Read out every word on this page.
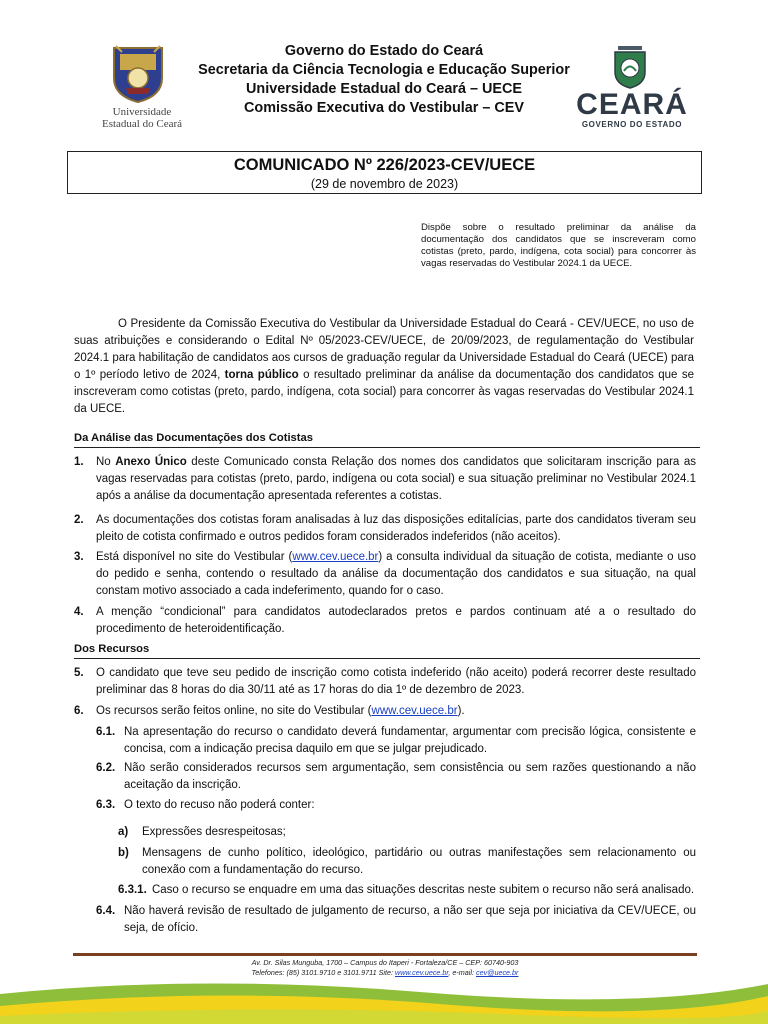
Universidade
Estadual do Ceará
Governo do Estado do Ceará
Secretaria da Ciência Tecnologia e Educação Superior
Universidade Estadual do Ceará – UECE
Comissão Executiva do Vestibular – CEV	CEARÁ
GOVERNO DO ESTADO
COMUNICADO Nº 226/2023-CEV/UECE
(29 de novembro de 2023)
Dispõe sobre o resultado preliminar da análise da documentação dos candidatos que se inscreveram como cotistas (preto, pardo, indígena, cota social) para concorrer às vagas reservadas do Vestibular 2024.1 da UECE.
O Presidente da Comissão Executiva do Vestibular da Universidade Estadual do Ceará - CEV/UECE, no uso de suas atribuições e considerando o Edital Nº 05/2023-CEV/UECE, de 20/09/2023, de regulamentação do Vestibular 2024.1 para habilitação de candidatos aos cursos de graduação regular da Universidade Estadual do Ceará (UECE) para o 1º período letivo de 2024, torna público o resultado preliminar da análise da documentação dos candidatos que se inscreveram como cotistas (preto, pardo, indígena, cota social) para concorrer às vagas reservadas do Vestibular 2024.1 da UECE.
Da Análise das Documentações dos Cotistas
1. No Anexo Único deste Comunicado consta Relação dos nomes dos candidatos que solicitaram inscrição para as vagas reservadas para cotistas (preto, pardo, indígena ou cota social) e sua situação preliminar no Vestibular 2024.1 após a análise da documentação apresentada referentes a cotistas.
2. As documentações dos cotistas foram analisadas à luz das disposições editalícias, parte dos candidatos tiveram seu pleito de cotista confirmado e outros pedidos foram considerados indeferidos (não aceitos).
3. Está disponível no site do Vestibular (www.cev.uece.br) a consulta individual da situação de cotista, mediante o uso do pedido e senha, contendo o resultado da análise da documentação dos candidatos e sua situação, na qual constam motivo associado a cada indeferimento, quando for o caso.
4. A menção “condicional” para candidatos autodeclarados pretos e pardos continuam até a o resultado do procedimento de heteroidentificação.
Dos Recursos
5. O candidato que teve seu pedido de inscrição como cotista indeferido (não aceito) poderá recorrer deste resultado preliminar das 8 horas do dia 30/11 até as 17 horas do dia 1º de dezembro de 2023.
6. Os recursos serão feitos online, no site do Vestibular (www.cev.uece.br).
6.1. Na apresentação do recurso o candidato deverá fundamentar, argumentar com precisão lógica, consistente e concisa, com a indicação precisa daquilo em que se julgar prejudicado.
6.2. Não serão considerados recursos sem argumentação, sem consistência ou sem razões questionando a não aceitação da inscrição.
6.3. O texto do recuso não poderá conter:
a) Expressões desrespeitosas;
b) Mensagens de cunho político, ideológico, partidário ou outras manifestações sem relacionamento ou conexão com a fundamentação do recurso.
6.3.1. Caso o recurso se enquadre em uma das situações descritas neste subitem o recurso não será analisado.
6.4. Não haverá revisão de resultado de julgamento de recurso, a não ser que seja por iniciativa da CEV/UECE, ou seja, de ofício.
Av. Dr. Silas Munguba, 1700 – Campus do Itaperi - Fortaleza/CE – CEP: 60740-903
Telefones: (85) 3101.9710 e 3101.9711 Site: www.cev.uece.br, e-mail: cev@uece.br
